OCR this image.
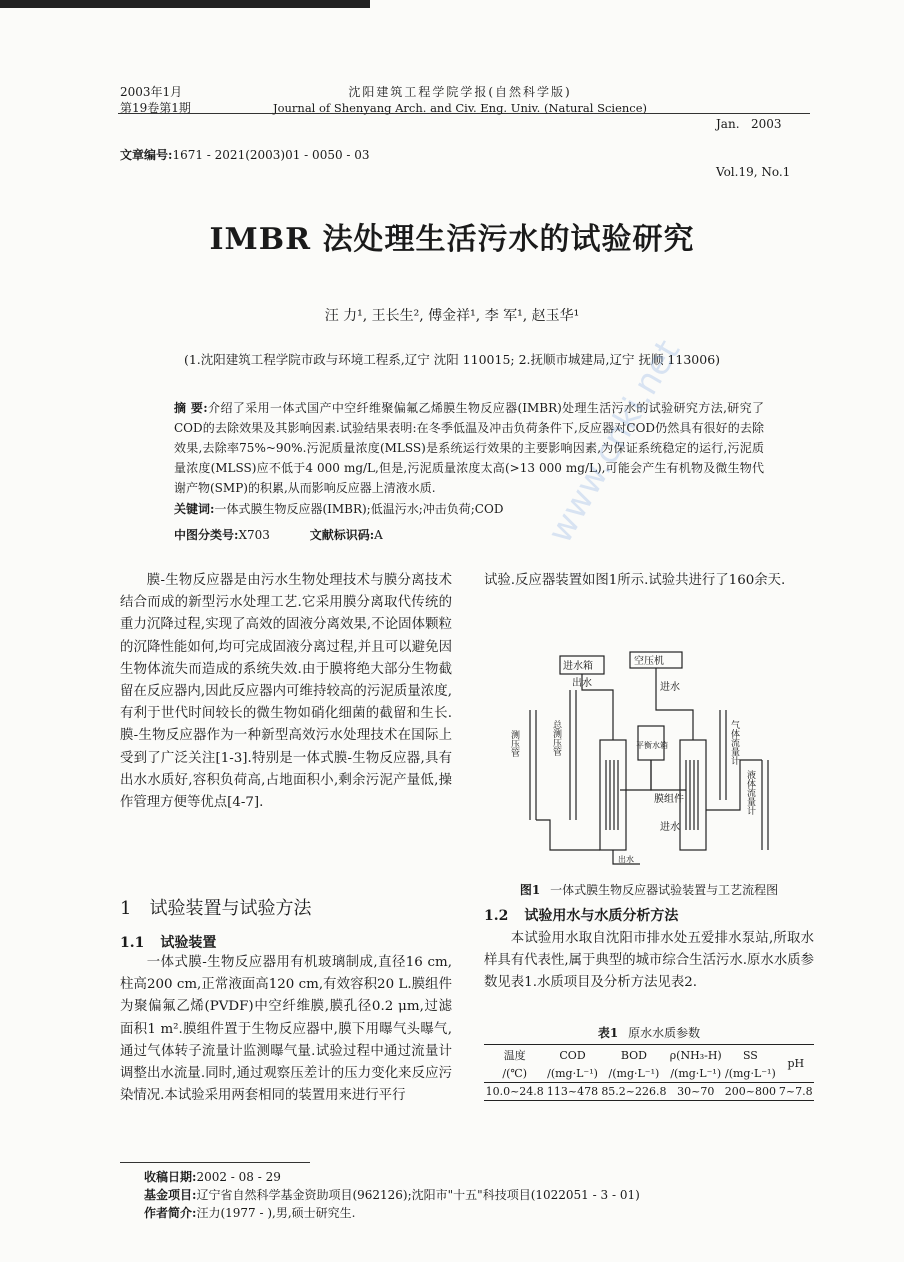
2003年1月
第19卷第1期
沈阳建筑工程学院学报(自然科学版)
Journal of Shenyang Arch. and Civ. Eng. Univ. (Natural Science)

Jan.   2003

Vol.19, No.1

文章编号:1671 - 2021(2003)01 - 0050 - 03
IMBR 法处理生活污水的试验研究
汪 力¹, 王长生², 傅金祥¹, 李 军¹, 赵玉华¹
(1.沈阳建筑工程学院市政与环境工程系,辽宁 沈阳 110015; 2.抚顺市城建局,辽宁 抚顺 113006)
摘 要:介绍了采用一体式国产中空纤维聚偏氟乙烯膜生物反应器(IMBR)处理生活污水的试验研究方法,研究了COD的去除效果及其影响因素.试验结果表明:在冬季低温及冲击负荷条件下,反应器对COD仍然具有很好的去除效果,去除率75%~90%.污泥质量浓度(MLSS)是系统运行效果的主要影响因素,为保证系统稳定的运行,污泥质量浓度(MLSS)应不低于4 000 mg/L,但是,污泥质量浓度太高(>13 000 mg/L),可能会产生有机物及微生物代谢产物(SMP)的积累,从而影响反应器上清液水质.
关键词:一体式膜生物反应器(IMBR);低温污水;冲击负荷;COD
中图分类号:X703	文献标识码:A
膜-生物反应器是由污水生物处理技术与膜分离技术结合而成的新型污水处理工艺.它采用膜分离取代传统的重力沉降过程,实现了高效的固液分离效果,不论固体颗粒的沉降性能如何,均可完成固液分离过程,并且可以避免因生物体流失而造成的系统失效.由于膜将绝大部分生物截留在反应器内,因此反应器内可维持较高的污泥质量浓度,有利于世代时间较长的微生物如硝化细菌的截留和生长.膜-生物反应器作为一种新型高效污水处理技术在国际上受到了广泛关注[1-3].特别是一体式膜-生物反应器,具有出水水质好,容积负荷高,占地面积小,剩余污泥产量低,操作管理方便等优点[4-7].
1 试验装置与试验方法
1.1 试验装置
一体式膜-生物反应器用有机玻璃制成,直径16 cm,柱高200 cm,正常液面高120 cm,有效容积20 L.膜组件为聚偏氟乙烯(PVDF)中空纤维膜,膜孔径0.2 μm,过滤面积1 m².膜组件置于生物反应器中,膜下用曝气头曝气,通过气体转子流量计监测曝气量.试验过程中通过流量计调整出水流量.同时,通过观察压差计的压力变化来反应污染情况.本试验采用两套相同的装置用来进行平行
试验.反应器装置如图1所示.试验共进行了160余天.
进水箱	空压机
出水
平衡水箱
膜组件
进水
进水
出水
测压管	总测压管	气体流量计
液体流量计
图1 一体式膜生物反应器试验装置与工艺流程图
1.2 试验用水与水质分析方法
本试验用水取自沈阳市排水处五爱排水泵站,所取水样具有代表性,属于典型的城市综合生活污水.原水水质参数见表1.水质项目及分析方法见表2.
表1 原水水质参数
温度	COD	BOD	ρ(NH₃-H)	SS	pH
/(℃)	/(mg·L⁻¹)	/(mg·L⁻¹)	/(mg·L⁻¹)	/(mg·L⁻¹)	
10.0~24.8	113~478	85.2~226.8	30~70	200~800	7~7.8
收稿日期:2002 - 08 - 29
基金项目:辽宁省自然科学基金资助项目(962126);沈阳市"十五"科技项目(1022051 - 3 - 01)
作者简介:汪力(1977 - ),男,硕士研究生.
www.cnki.net
